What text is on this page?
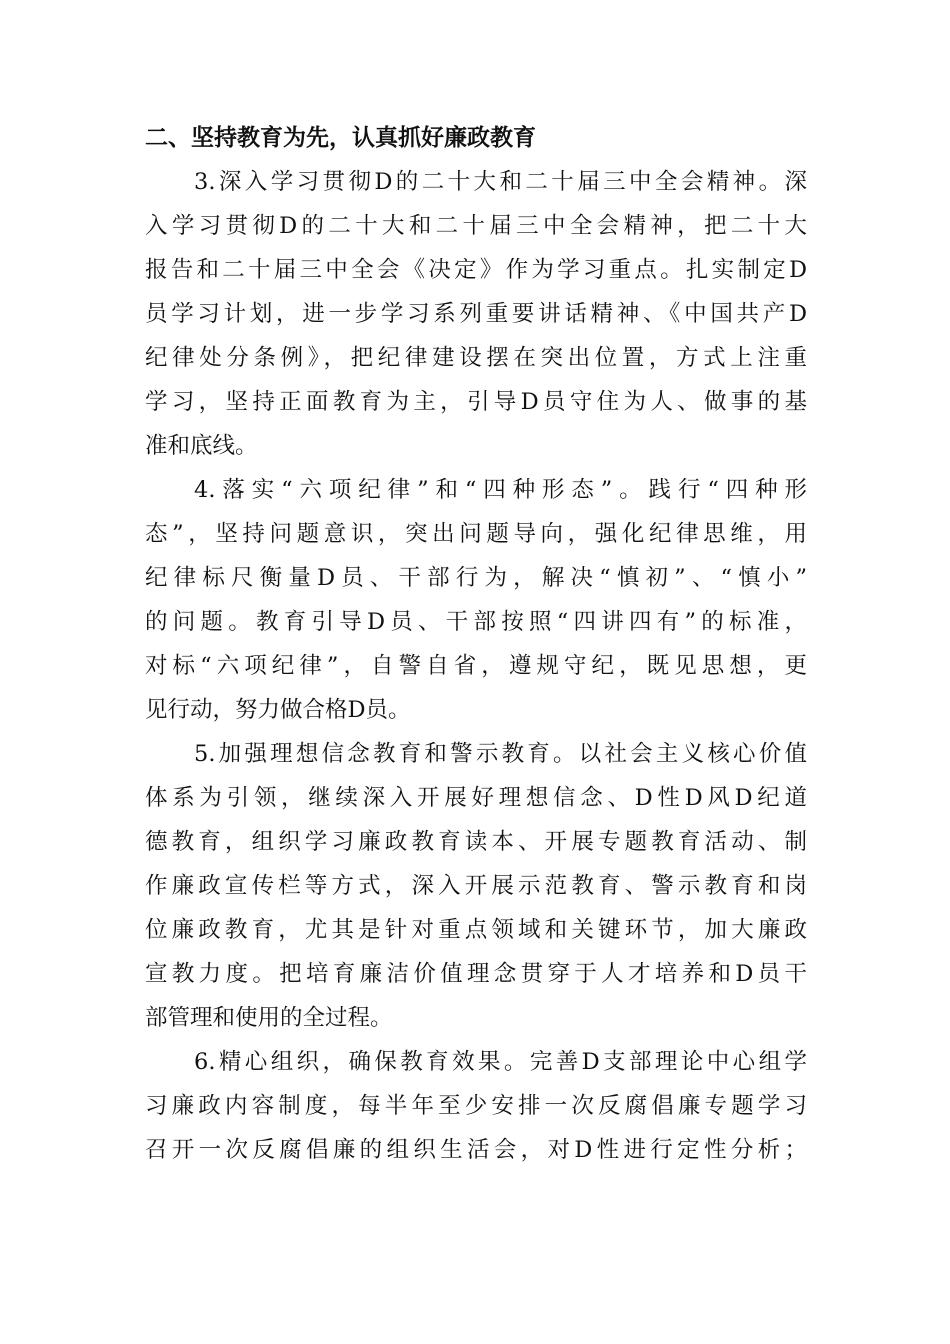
二、坚持教育为先，认真抓好廉政教育
3.深入学习贯彻D的二十大和二十届三中全会精神。深
入学习贯彻D的二十大和二十届三中全会精神，把二十大
报告和二十届三中全会《决定》作为学习重点。扎实制定D
员学习计划，进一步学习系列重要讲话精神、《中国共产D
纪律处分条例》，把纪律建设摆在突出位置，方式上注重
学习，坚持正面教育为主，引导D员守住为人、做事的基
准和底线。
4.落实“六项纪律”和“四种形态”。践行“四种形
态”，坚持问题意识，突出问题导向，强化纪律思维，用
纪律标尺衡量D员、干部行为，解决“慎初”、“慎小”
的问题。教育引导D员、干部按照“四讲四有”的标准，
对标“六项纪律”，自警自省，遵规守纪，既见思想，更
见行动，努力做合格D员。
5.加强理想信念教育和警示教育。以社会主义核心价值
体系为引领，继续深入开展好理想信念、D性D风D纪道
德教育，组织学习廉政教育读本、开展专题教育活动、制
作廉政宣传栏等方式，深入开展示范教育、警示教育和岗
位廉政教育，尤其是针对重点领域和关键环节，加大廉政
宣教力度。把培育廉洁价值理念贯穿于人才培养和D员干
部管理和使用的全过程。
6.精心组织，确保教育效果。完善D支部理论中心组学
习廉政内容制度，每半年至少安排一次反腐倡廉专题学习
召开一次反腐倡廉的组织生活会，对D性进行定性分析；
